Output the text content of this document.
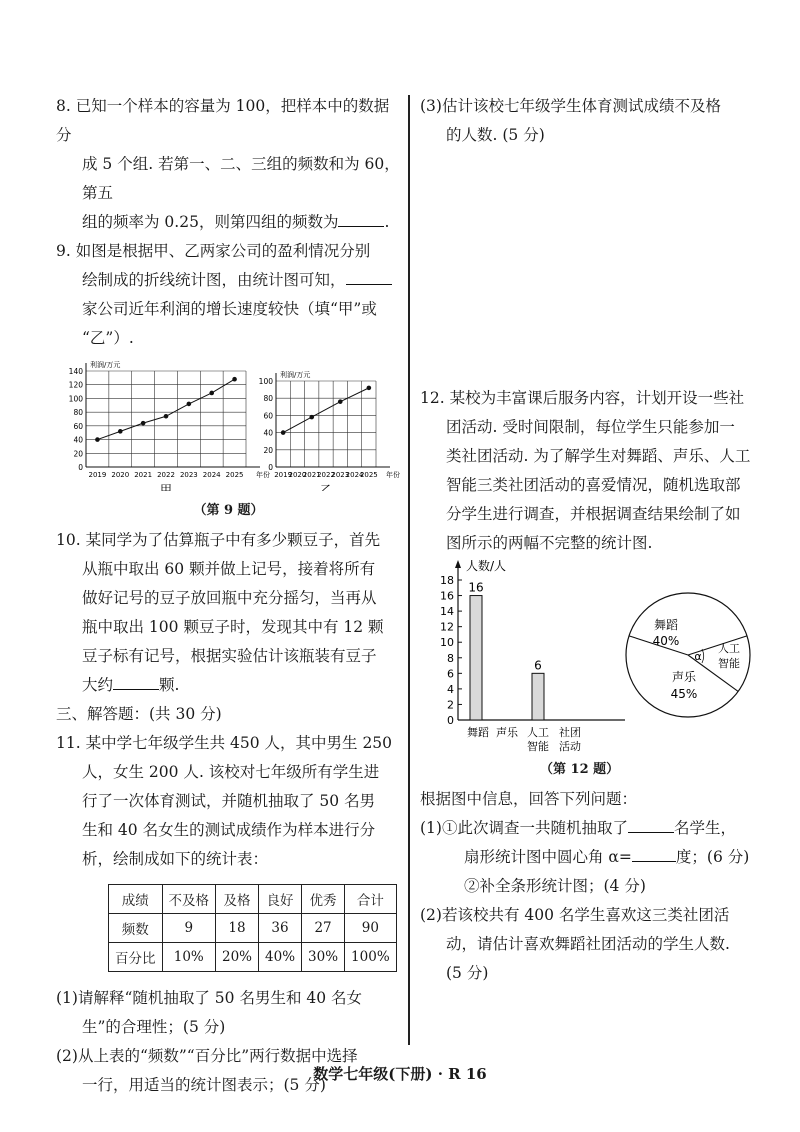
8. 已知一个样本的容量为 100，把样本中的数据分

成 5 个组. 若第一、二、三组的频数和为 60，第五

组的频率为 0.25，则第四组的频数为	.

9. 如图是根据甲、乙两家公司的盈利情况分别

绘制成的折线统计图，由统计图可知，

家公司近年利润的增长速度较快（填“甲”或

“乙”）.

0
20
40
60
80
100
120
140
利润/万元
年份
2019 2020 2021 2022 2023 2024 2025
甲
0
20
40
60
80
100
利润/万元
年份
2019
2020
2021
2022
2023
2024
2025
乙
（第 9 题）

10. 某同学为了估算瓶子中有多少颗豆子，首先

从瓶中取出 60 颗并做上记号，接着将所有

做好记号的豆子放回瓶中充分摇匀，当再从

瓶中取出 100 颗豆子时，发现其中有 12 颗

豆子标有记号，根据实验估计该瓶装有豆子

大约	颗.

三、解答题：(共 30 分)

11. 某中学七年级学生共 450 人，其中男生 250

人，女生 200 人. 该校对七年级所有学生进

行了一次体育测试，并随机抽取了 50 名男

生和 40 名女生的测试成绩作为样本进行分

析，绘制成如下的统计表：

成绩	不及格	及格	良好	优秀	合计
频数	9	18	36	27	90
百分比	10%	20%	40%	30%	100%

(1)请解释“随机抽取了 50 名男生和 40 名女

生”的合理性；(5 分)

(2)从上表的“频数”“百分比”两行数据中选择

一行，用适当的统计图表示；(5 分)

(3)估计该校七年级学生体育测试成绩不及格

的人数. (5 分)

12. 某校为丰富课后服务内容，计划开设一些社

团活动. 受时间限制，每位学生只能参加一

类社团活动. 为了解学生对舞蹈、声乐、人工

智能三类社团活动的喜爱情况，随机选取部

分学生进行调查，并根据调查结果绘制了如

图所示的两幅不完整的统计图.

人数/人
0
2
4
6
8
10
12
14
16
18
16
6
舞蹈 声乐 人工
智能
社团
活动
舞蹈
40%
人工
智能
α
声乐
45%
（第 12 题）

根据图中信息，回答下列问题：

(1)①此次调查一共随机抽取了	名学生，

扇形统计图中圆心角 α=	度；(6 分)

②补全条形统计图；(4 分)

(2)若该校共有 400 名学生喜欢这三类社团活

动，请估计喜欢舞蹈社团活动的学生人数.

(5 分)

数学七年级(下册) · R 16
